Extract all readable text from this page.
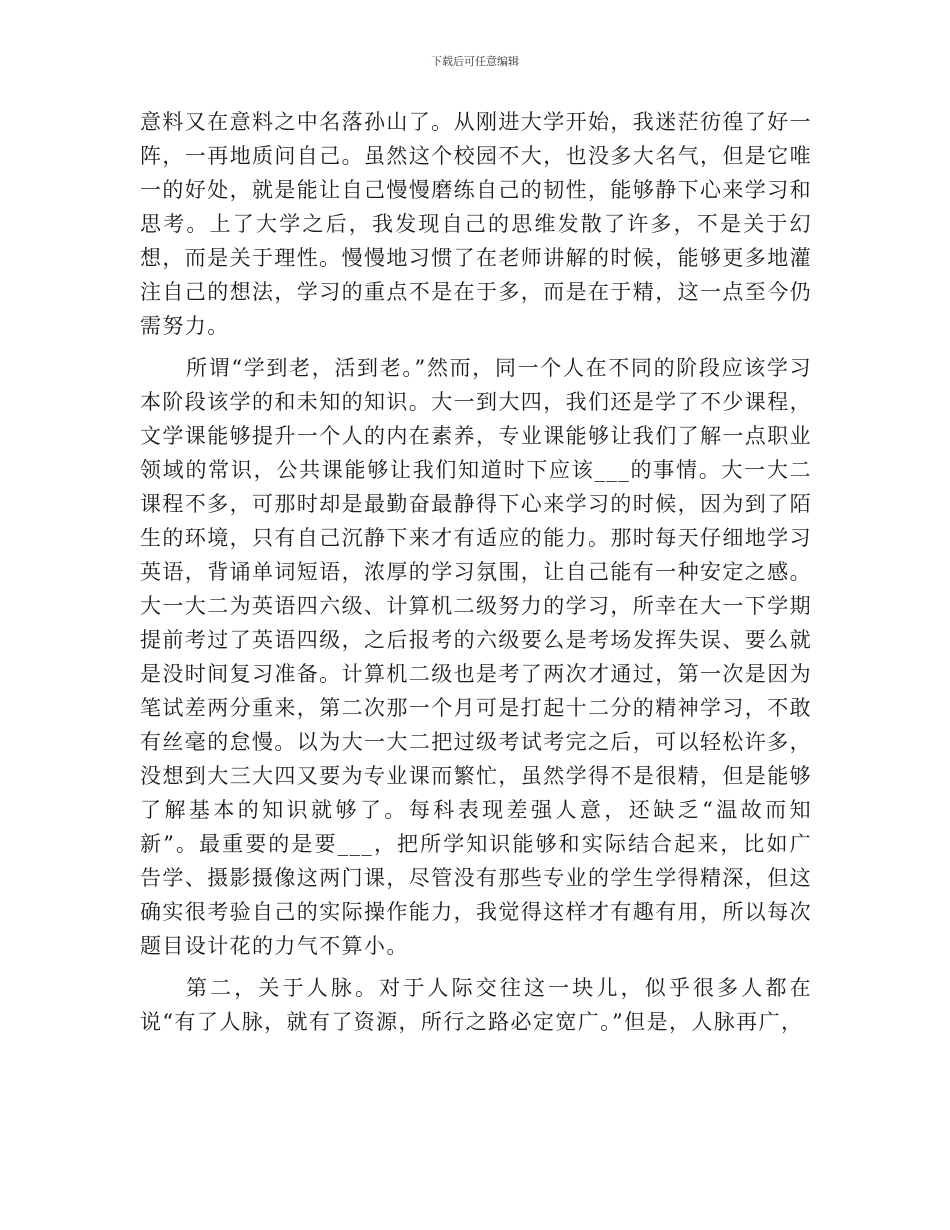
下载后可任意编辑

意料又在意料之中名落孙山了。从刚进大学开始，我迷茫彷徨了好一阵，一再地质问自己。虽然这个校园不大，也没多大名气，但是它唯一的好处，就是能让自己慢慢磨练自己的韧性，能够静下心来学习和思考。上了大学之后，我发现自己的思维发散了许多，不是关于幻想，而是关于理性。慢慢地习惯了在老师讲解的时候，能够更多地灌注自己的想法，学习的重点不是在于多，而是在于精，这一点至今仍需努力。

所谓“学到老，活到老。”然而，同一个人在不同的阶段应该学习本阶段该学的和未知的知识。大一到大四，我们还是学了不少课程，文学课能够提升一个人的内在素养，专业课能够让我们了解一点职业领域的常识，公共课能够让我们知道时下应该___的事情。大一大二课程不多，可那时却是最勤奋最静得下心来学习的时候，因为到了陌生的环境，只有自己沉静下来才有适应的能力。那时每天仔细地学习英语，背诵单词短语，浓厚的学习氛围，让自己能有一种安定之感。大一大二为英语四六级、计算机二级努力的学习，所幸在大一下学期提前考过了英语四级，之后报考的六级要么是考场发挥失误、要么就是没时间复习准备。计算机二级也是考了两次才通过，第一次是因为笔试差两分重来，第二次那一个月可是打起十二分的精神学习，不敢有丝毫的怠慢。以为大一大二把过级考试考完之后，可以轻松许多，没想到大三大四又要为专业课而繁忙，虽然学得不是很精，但是能够了解基本的知识就够了。每科表现差强人意，还缺乏“温故而知新”。最重要的是要___，把所学知识能够和实际结合起来，比如广告学、摄影摄像这两门课，尽管没有那些专业的学生学得精深，但这确实很考验自己的实际操作能力，我觉得这样才有趣有用，所以每次题目设计花的力气不算小。

第二，关于人脉。对于人际交往这一块儿，似乎很多人都在说“有了人脉，就有了资源，所行之路必定宽广。”但是，人脉再广，
